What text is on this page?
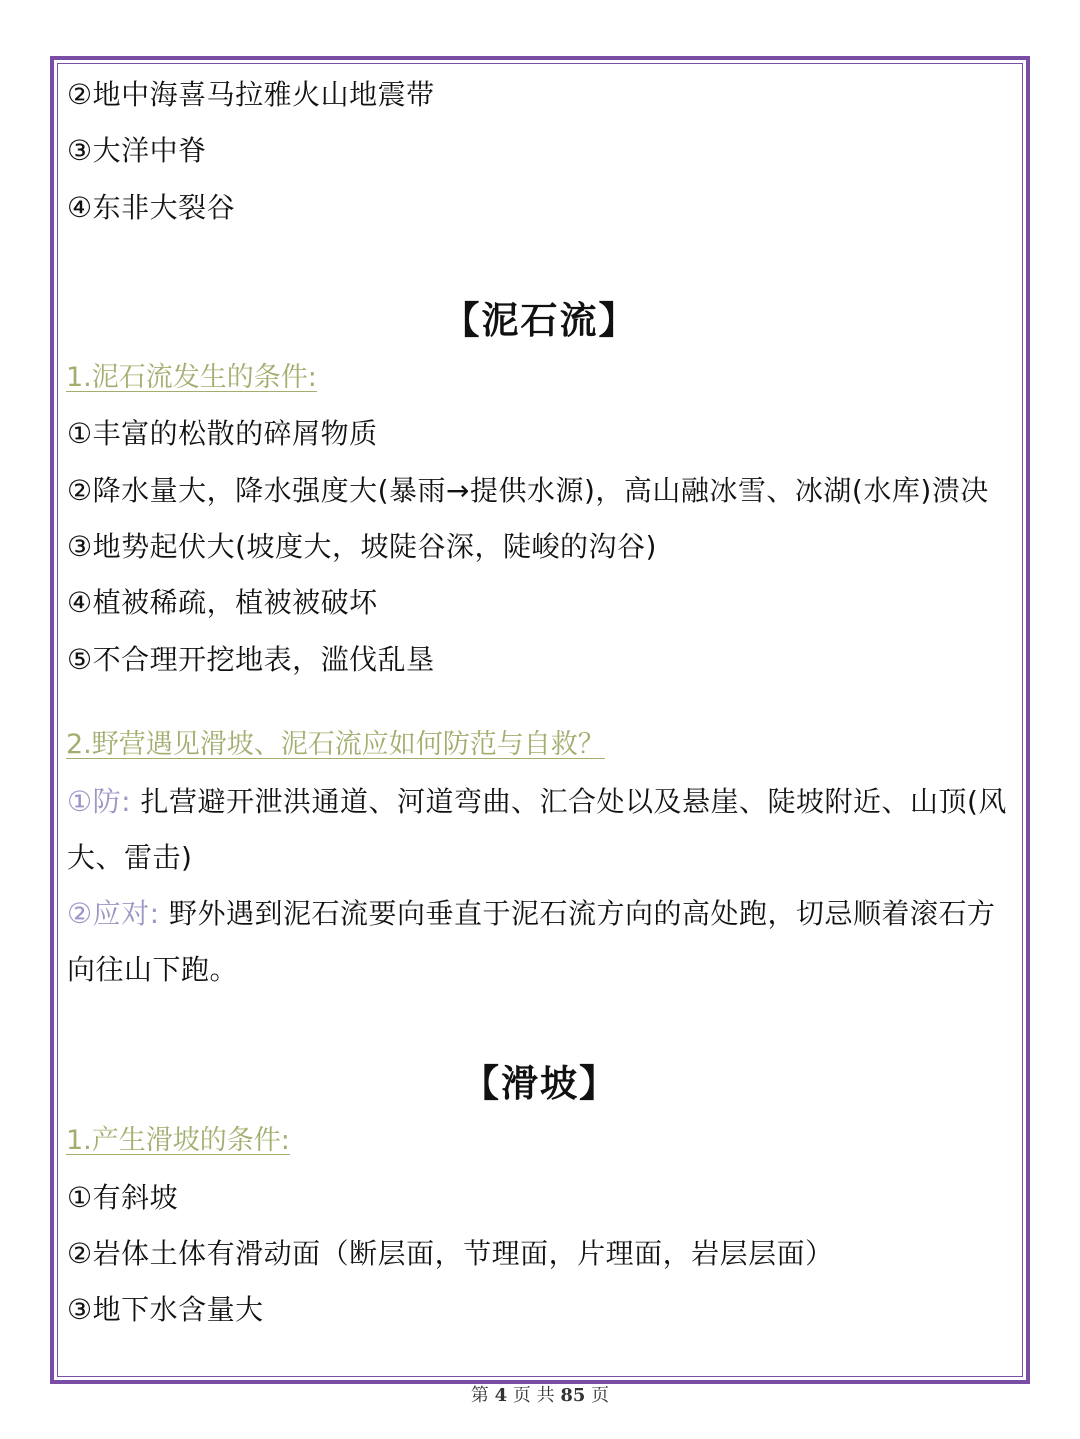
②地中海喜马拉雅火山地震带
③大洋中脊
④东非大裂谷
【泥石流】
1.泥石流发生的条件:
①丰富的松散的碎屑物质
②降水量大，降水强度大(暴雨→提供水源)，高山融冰雪、冰湖(水库)溃决
③地势起伏大(坡度大，坡陡谷深，陡峻的沟谷)
④植被稀疏，植被被破坏
⑤不合理开挖地表，滥伐乱垦
2.野营遇见滑坡、泥石流应如何防范与自救？
①防: 扎营避开泄洪通道、河道弯曲、汇合处以及悬崖、陡坡附近、山顶(风
大、雷击)
②应对: 野外遇到泥石流要向垂直于泥石流方向的高处跑，切忌顺着滚石方
向往山下跑。
【滑坡】
1.产生滑坡的条件:
①有斜坡
②岩体土体有滑动面（断层面，节理面，片理面，岩层层面）
③地下水含量大
第 4 页 共 85 页
